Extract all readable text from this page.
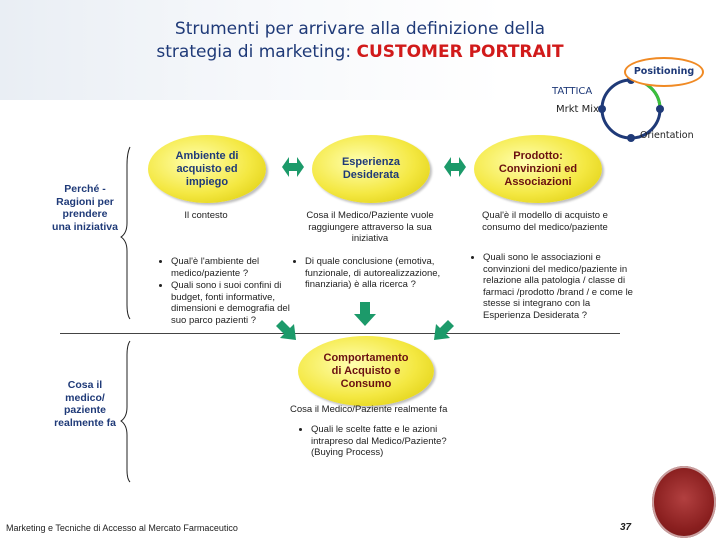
Strumenti per arrivare alla definizione della
strategia di marketing: CUSTOMER PORTRAIT
Positioning
TATTICA
Mrkt Mix
Orientation
Perché - Ragioni per prendere una iniziativa
Cosa il medico/ paziente realmente fa
Ambiente di acquisto ed impiego
Esperienza Desiderata
Prodotto: Convinzioni ed Associazioni
Comportamento di Acquisto e Consumo
Il contesto	Cosa il Medico/Paziente vuole raggiungere attraverso la sua iniziativa
Qual'è il modello di acquisto e consumo del medico/paziente
• Qual'è l'ambiente del medico/paziente ?
• Quali sono i suoi confini di budget, fonti informative, dimensioni e demografia del suo parco pazienti ?
• Di quale conclusione (emotiva, funzionale, di autorealizzazione, finanziaria) è alla ricerca ?
• Quali sono le associazioni e convinzioni del medico/paziente in relazione alla patologia / classe di farmaci /prodotto /brand / e come le stesse si integrano con la Esperienza Desiderata ?
Cosa il Medico/Paziente realmente fa
• Quali le scelte fatte e le azioni intrapreso dal Medico/Paziente? (Buying Process)
Marketing e Tecniche di Accesso al Mercato Farmaceutico	37
